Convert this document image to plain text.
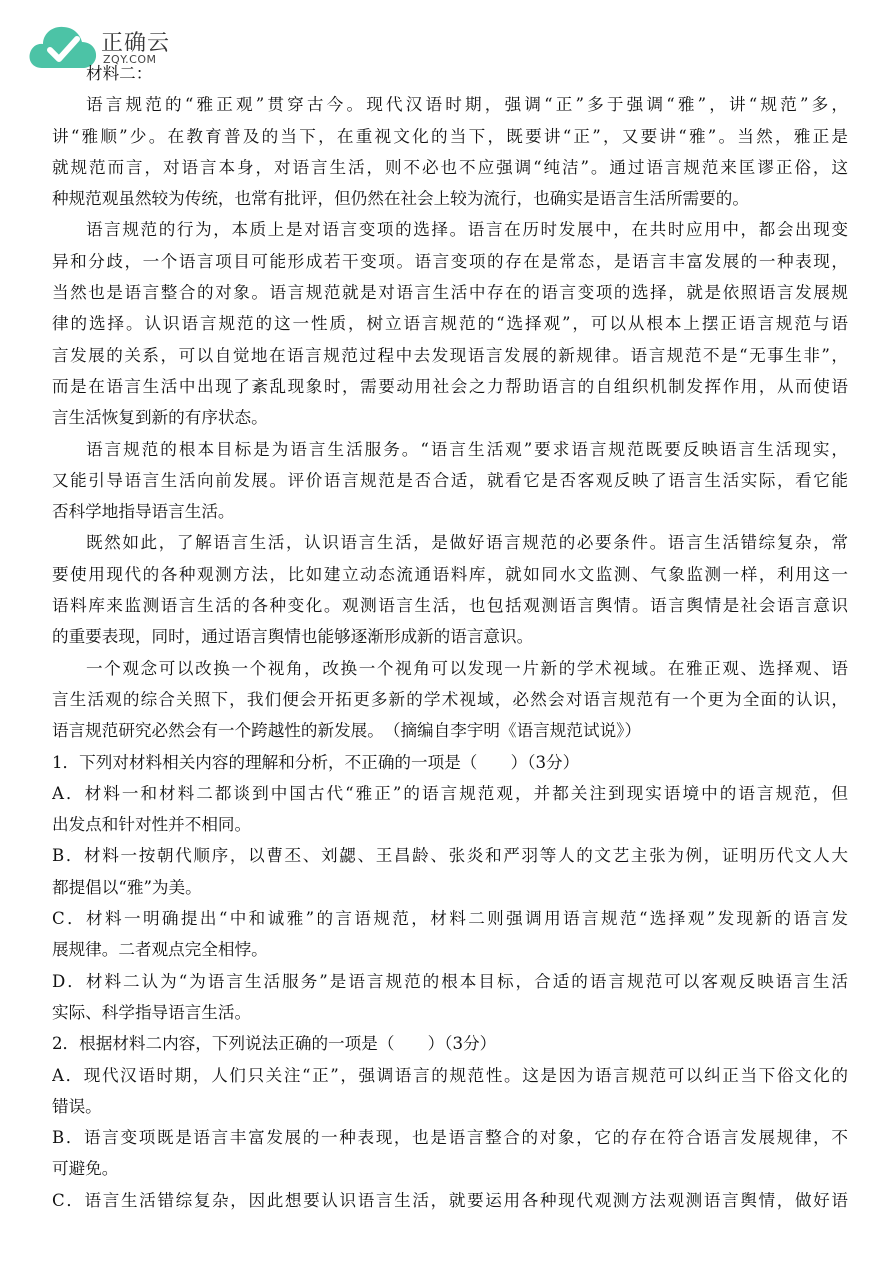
正确云
ZQY.COM
材料二：
语言规范的“雅正观”贯穿古今。现代汉语时期，强调“正”多于强调“雅”，讲“规范”多，
讲“雅顺”少。在教育普及的当下，在重视文化的当下，既要讲“正”，又要讲“雅”。当然，雅正是
就规范而言，对语言本身，对语言生活，则不必也不应强调“纯洁”。通过语言规范来匡谬正俗，这
种规范观虽然较为传统，也常有批评，但仍然在社会上较为流行，也确实是语言生活所需要的。
语言规范的行为，本质上是对语言变项的选择。语言在历时发展中，在共时应用中，都会出现变
异和分歧，一个语言项目可能形成若干变项。语言变项的存在是常态，是语言丰富发展的一种表现，
当然也是语言整合的对象。语言规范就是对语言生活中存在的语言变项的选择，就是依照语言发展规
律的选择。认识语言规范的这一性质，树立语言规范的“选择观”，可以从根本上摆正语言规范与语
言发展的关系，可以自觉地在语言规范过程中去发现语言发展的新规律。语言规范不是“无事生非”，
而是在语言生活中出现了紊乱现象时，需要动用社会之力帮助语言的自组织机制发挥作用，从而使语
言生活恢复到新的有序状态。
语言规范的根本目标是为语言生活服务。“语言生活观”要求语言规范既要反映语言生活现实，
又能引导语言生活向前发展。评价语言规范是否合适，就看它是否客观反映了语言生活实际，看它能
否科学地指导语言生活。
既然如此，了解语言生活，认识语言生活，是做好语言规范的必要条件。语言生活错综复杂，常
要使用现代的各种观测方法，比如建立动态流通语料库，就如同水文监测、气象监测一样，利用这一
语料库来监测语言生活的各种变化。观测语言生活，也包括观测语言舆情。语言舆情是社会语言意识
的重要表现，同时，通过语言舆情也能够逐渐形成新的语言意识。
一个观念可以改换一个视角，改换一个视角可以发现一片新的学术视域。在雅正观、选择观、语
言生活观的综合关照下，我们便会开拓更多新的学术视域，必然会对语言规范有一个更为全面的认识，
语言规范研究必然会有一个跨越性的新发展。　（摘编自李宇明《语言规范试说》）
1．下列对材料相关内容的理解和分析，不正确的一项是（　　）（3分）
A．材料一和材料二都谈到中国古代“雅正”的语言规范观，并都关注到现实语境中的语言规范，但
出发点和针对性并不相同。
B．材料一按朝代顺序，以曹丕、刘勰、王昌龄、张炎和严羽等人的文艺主张为例，证明历代文人大
都提倡以“雅”为美。
C．材料一明确提出“中和诚雅”的言语规范，材料二则强调用语言规范“选择观”发现新的语言发
展规律。二者观点完全相悖。
D．材料二认为“为语言生活服务”是语言规范的根本目标，合适的语言规范可以客观反映语言生活
实际、科学指导语言生活。
2．根据材料二内容，下列说法正确的一项是（　　）（3分）
A．现代汉语时期，人们只关注“正”，强调语言的规范性。这是因为语言规范可以纠正当下俗文化的
错误。
B．语言变项既是语言丰富发展的一种表现，也是语言整合的对象，它的存在符合语言发展规律，不
可避免。
C．语言生活错综复杂，因此想要认识语言生活，就要运用各种现代观测方法观测语言舆情，做好语
